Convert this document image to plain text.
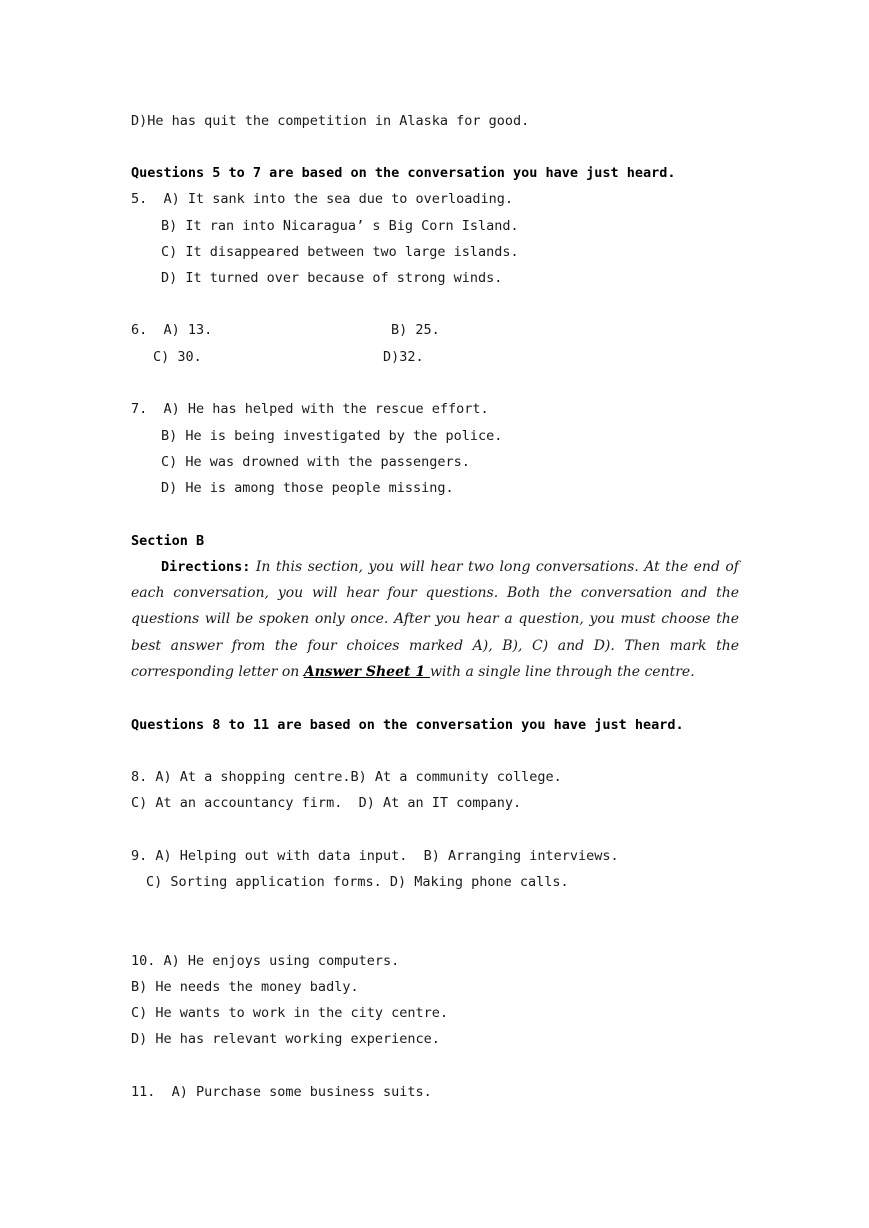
D)He has quit the competition in Alaska for good.
Questions 5 to 7 are based on the conversation you have just heard.
5.  A) It sank into the sea due to overloading.
B) It ran into Nicaragua’ s Big Corn Island.
C) It disappeared between two large islands.
D) It turned over because of strong winds.
6.  A) 13.	B) 25.
C) 30.	D)32.
7.  A) He has helped with the rescue effort.
B) He is being investigated by the police.
C) He was drowned with the passengers.
D) He is among those people missing.
Section B
Directions: In this section, you will hear two long conversations. At the end of each conversation, you will hear four questions. Both the conversation and the questions will be spoken only once. After you hear a question, you must choose the best answer from the four choices marked A), B), C) and D). Then mark the corresponding letter on Answer Sheet 1 with a single line through the centre.
Questions 8 to 11 are based on the conversation you have just heard.
8. A) At a shopping centre.B) At a community college.
C) At an accountancy firm.  D) At an IT company.
9. A) Helping out with data input.  B) Arranging interviews.
C) Sorting application forms. D) Making phone calls.
10. A) He enjoys using computers.
B) He needs the money badly.
C) He wants to work in the city centre.
D) He has relevant working experience.
11.  A) Purchase some business suits.
